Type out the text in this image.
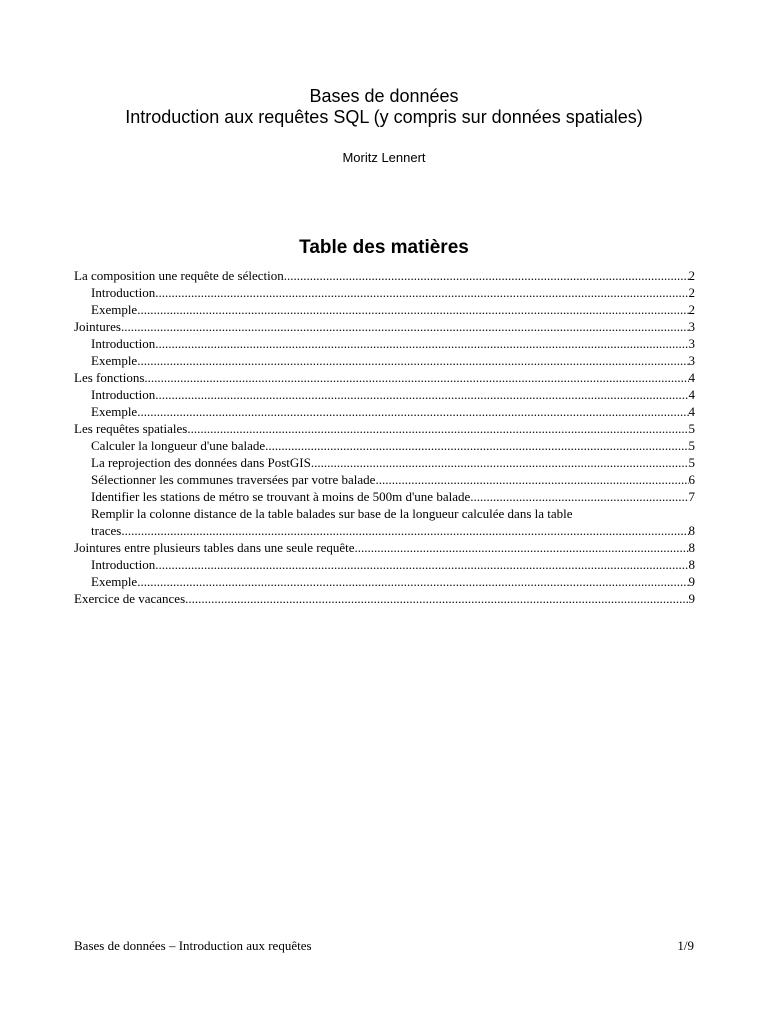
Bases de données
Introduction aux requêtes SQL (y compris sur données spatiales)
Moritz Lennert
Table des matières
La composition une requête de sélection .....	2
Introduction .....	2
Exemple .....	2
Jointures .....	3
Introduction .....	3
Exemple .....	3
Les fonctions .....	4
Introduction .....	4
Exemple .....	4
Les requêtes spatiales .....	5
Calculer la longueur d'une balade .....	5
La reprojection des données dans PostGIS .....	5
Sélectionner les communes traversées par votre balade .....	6
Identifier les stations de métro se trouvant à moins de 500m d'une balade .....	7
Remplir la colonne distance de la table balades sur base de la longueur calculée dans la table
traces .....	8
Jointures entre plusieurs tables dans une seule requête .....	8
Introduction .....	8
Exemple .....	9
Exercice de vacances .....	9
Bases de données – Introduction aux requêtes	1/9
